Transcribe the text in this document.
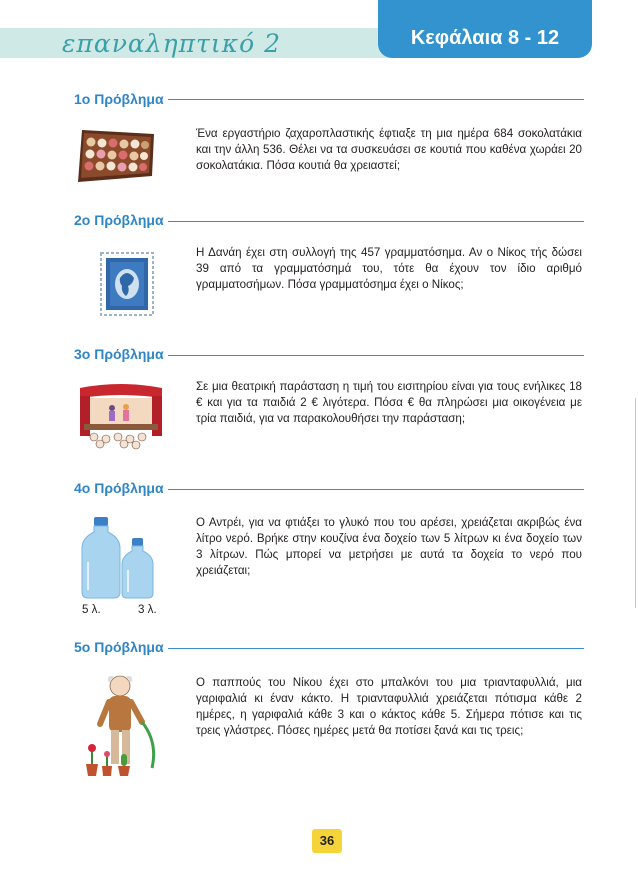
επαναληπτικό 2	Κεφάλαια 8 - 12
1ο Πρόβλημα
Ένα εργαστήριο ζαχαροπλαστικής έφτιαξε τη μια ημέρα 684 σοκολατάκια και την άλλη 536. Θέλει να τα συσκευάσει σε κουτιά που καθένα χωράει 20 σοκολατάκια. Πόσα κουτιά θα χρειαστεί;
2ο Πρόβλημα
Η Δανάη έχει στη συλλογή της 457 γραμματόσημα. Αν ο Νίκος τής δώσει 39 από τα γραμματόσημά του, τότε θα έχουν τον ίδιο αριθμό γραμματοσήμων. Πόσα γραμματόσημα έχει ο Νίκος;
3ο Πρόβλημα
Σε μια θεατρική παράσταση η τιμή του εισιτηρίου είναι για τους ενήλικες 18 € και για τα παιδιά 2 € λιγότερα. Πόσα € θα πληρώσει μια οικογένεια με τρία παιδιά, για να παρακολουθήσει την παράσταση;
4ο Πρόβλημα
5 λ.	3 λ.
Ο Αντρέι, για να φτιάξει το γλυκό που του αρέσει, χρειάζεται ακριβώς ένα λίτρο νερό. Βρήκε στην κουζίνα ένα δοχείο των 5 λίτρων κι ένα δοχείο των 3 λίτρων. Πώς μπορεί να μετρήσει με αυτά τα δοχεία το νερό που χρειάζεται;
5ο Πρόβλημα
Ο παππούς του Νίκου έχει στο μπαλκόνι του μια τριανταφυλλιά, μια γαριφαλιά κι έναν κάκτο. Η τριανταφυλλιά χρειάζεται πότισμα κάθε 2 ημέρες, η γαριφαλιά κάθε 3 και ο κάκτος κάθε 5. Σήμερα πότισε και τις τρεις γλάστρες. Πόσες ημέρες μετά θα ποτίσει ξανά και τις τρεις;
36
